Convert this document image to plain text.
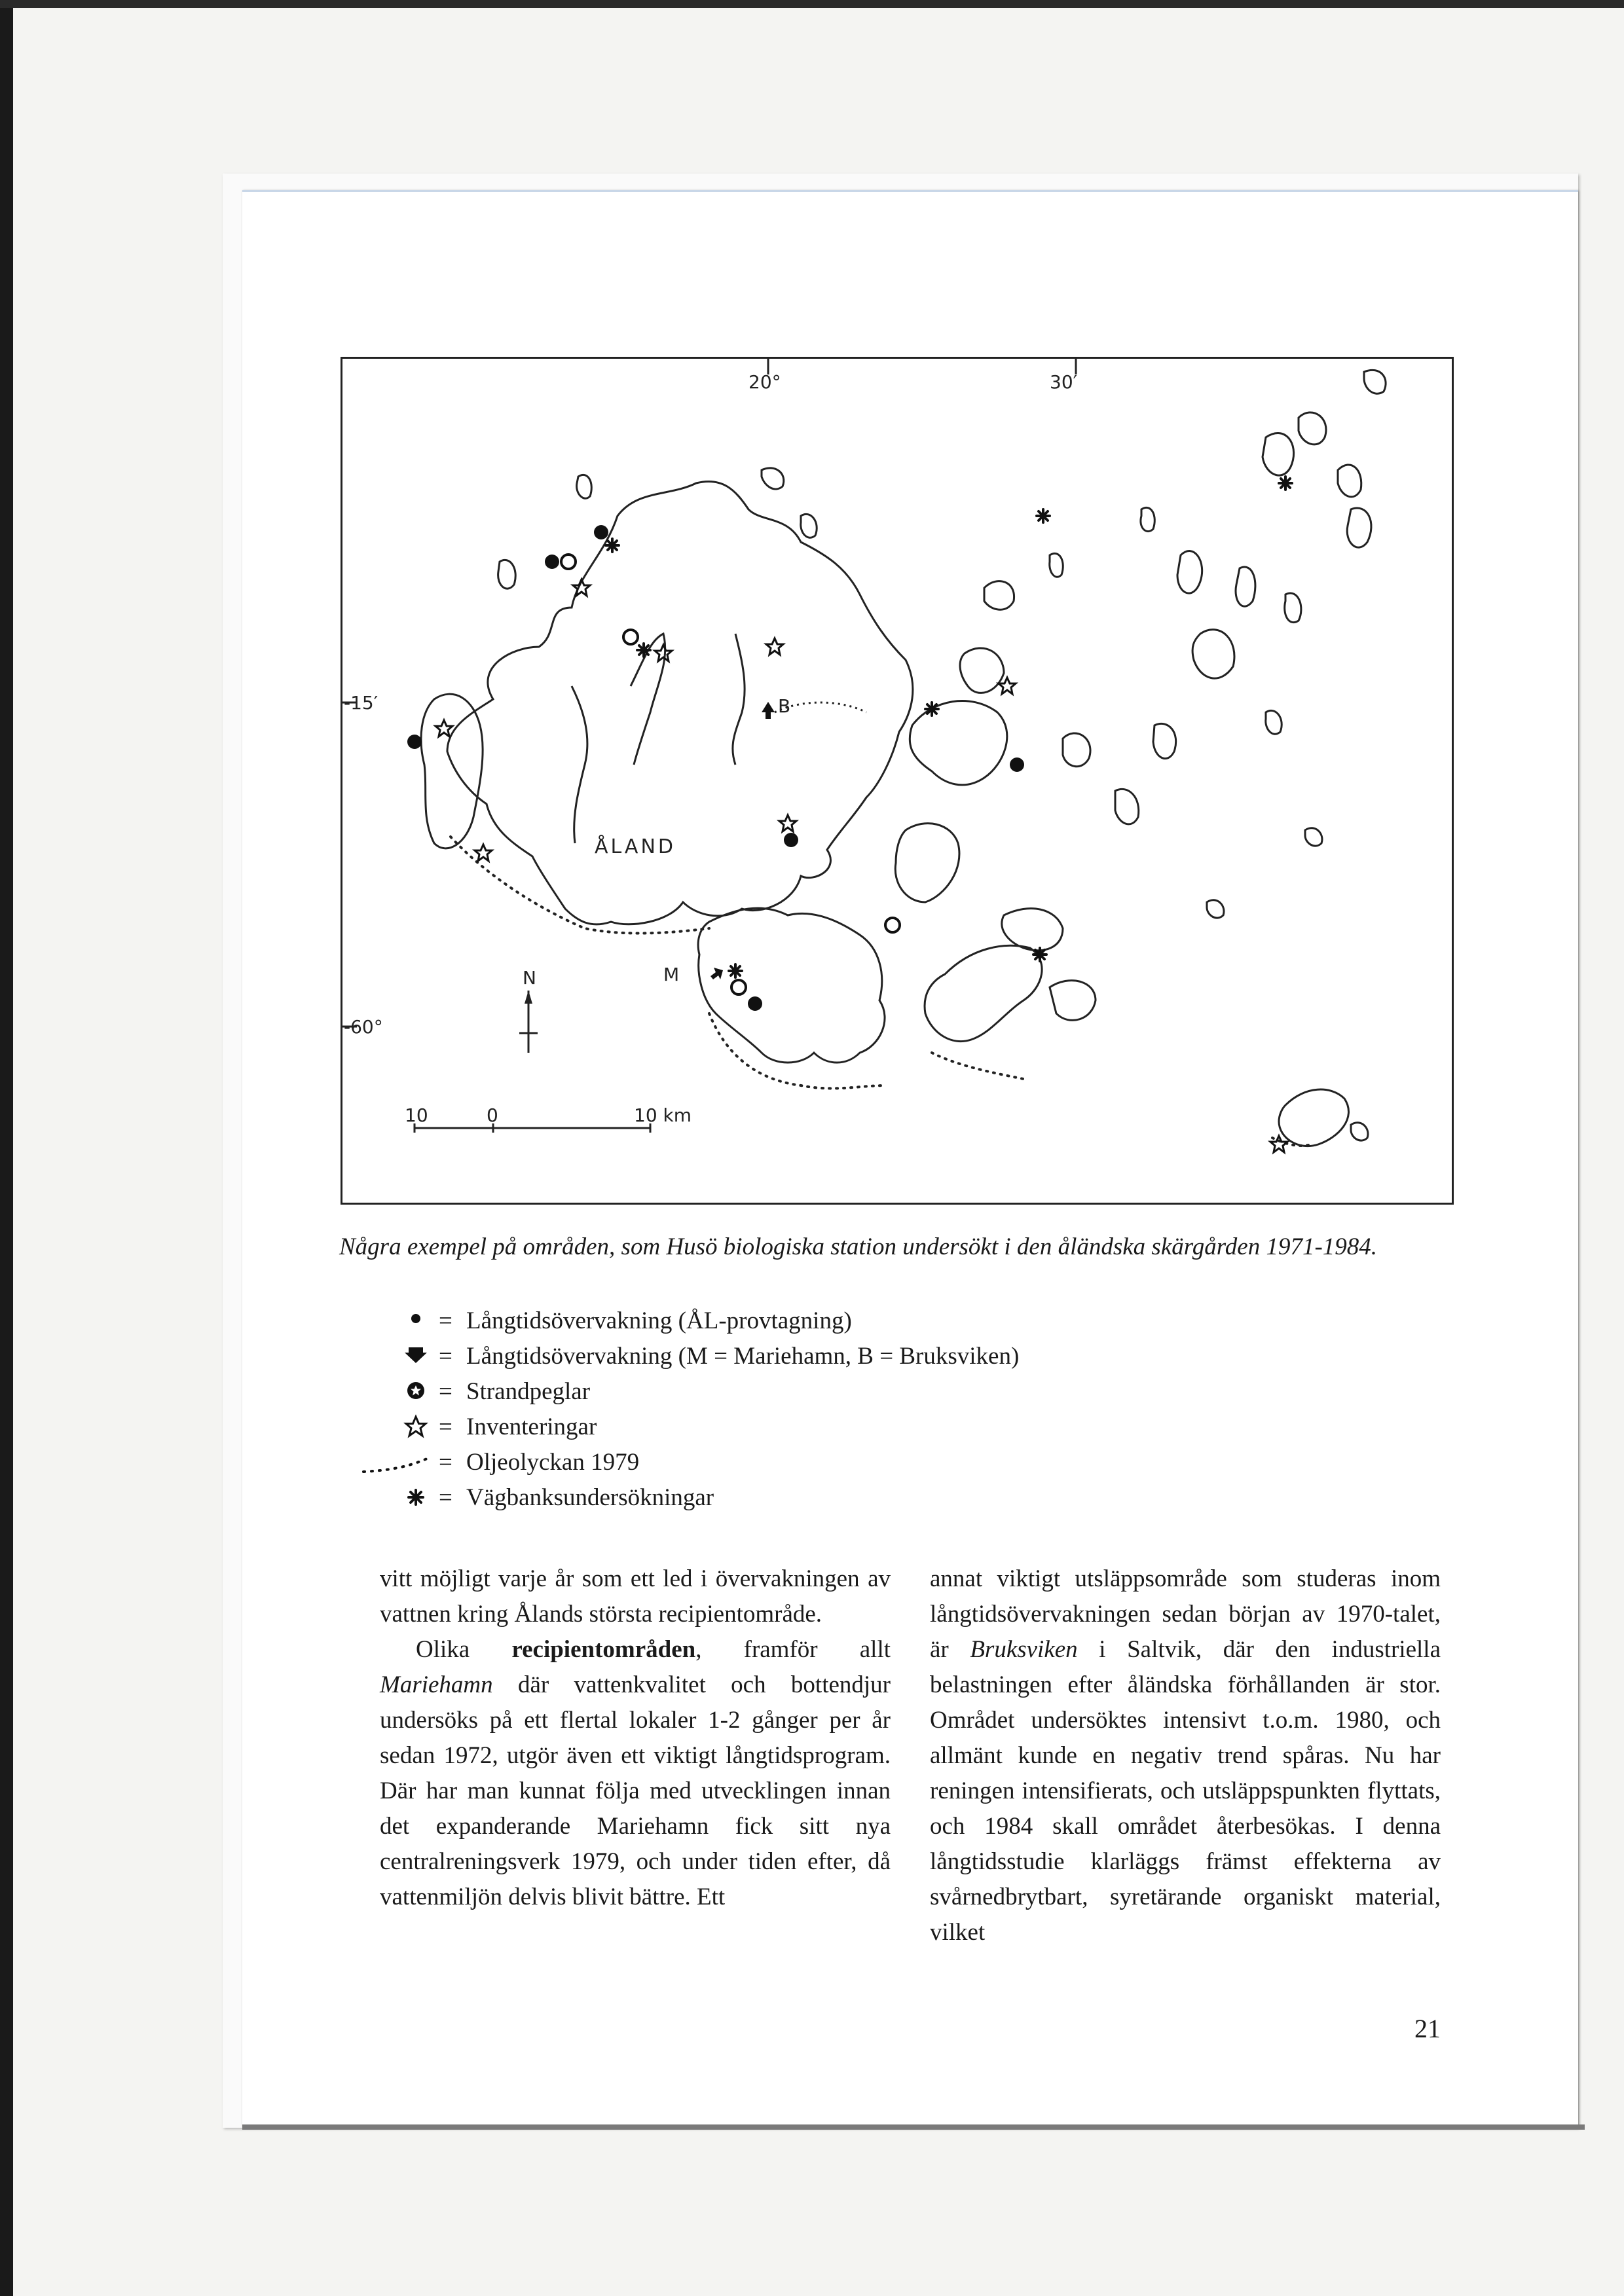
20°	30′
-15′
-60°
ÅLAND
B
M
N
10	0	10 km
Några exempel på områden, som Husö biologiska station undersökt i den åländska skärgården 1971-1984.
= Långtidsövervakning (ÅL-provtagning)
= Långtidsövervakning (M = Mariehamn, B = Bruksviken)
= Strandpeglar
= Inventeringar
= Oljeolyckan 1979
= Vägbanksundersökningar

vitt möjligt varje år som ett led i övervakningen av vattnen kring Ålands största recipientområde.

Olika recipientområden, framför allt Mariehamn där vattenkvalitet och bottendjur undersöks på ett flertal lokaler 1-2 gånger per år sedan 1972, utgör även ett viktigt långtidsprogram. Där har man kunnat följa med utvecklingen innan det expanderande Mariehamn fick sitt nya centralreningsverk 1979, och under tiden efter, då vattenmiljön delvis blivit bättre. Ett

annat viktigt utsläppsområde som studeras inom långtidsövervakningen sedan början av 1970-talet, är Bruksviken i Saltvik, där den industriella belastningen efter åländska förhållanden är stor. Området undersöktes intensivt t.o.m. 1980, och allmänt kunde en negativ trend spåras. Nu har reningen intensifierats, och utsläppspunkten flyttats, och 1984 skall området återbesökas. I denna långtidsstudie klarläggs främst effekterna av svårnedbrytbart, syretärande organiskt material, vilket

21
